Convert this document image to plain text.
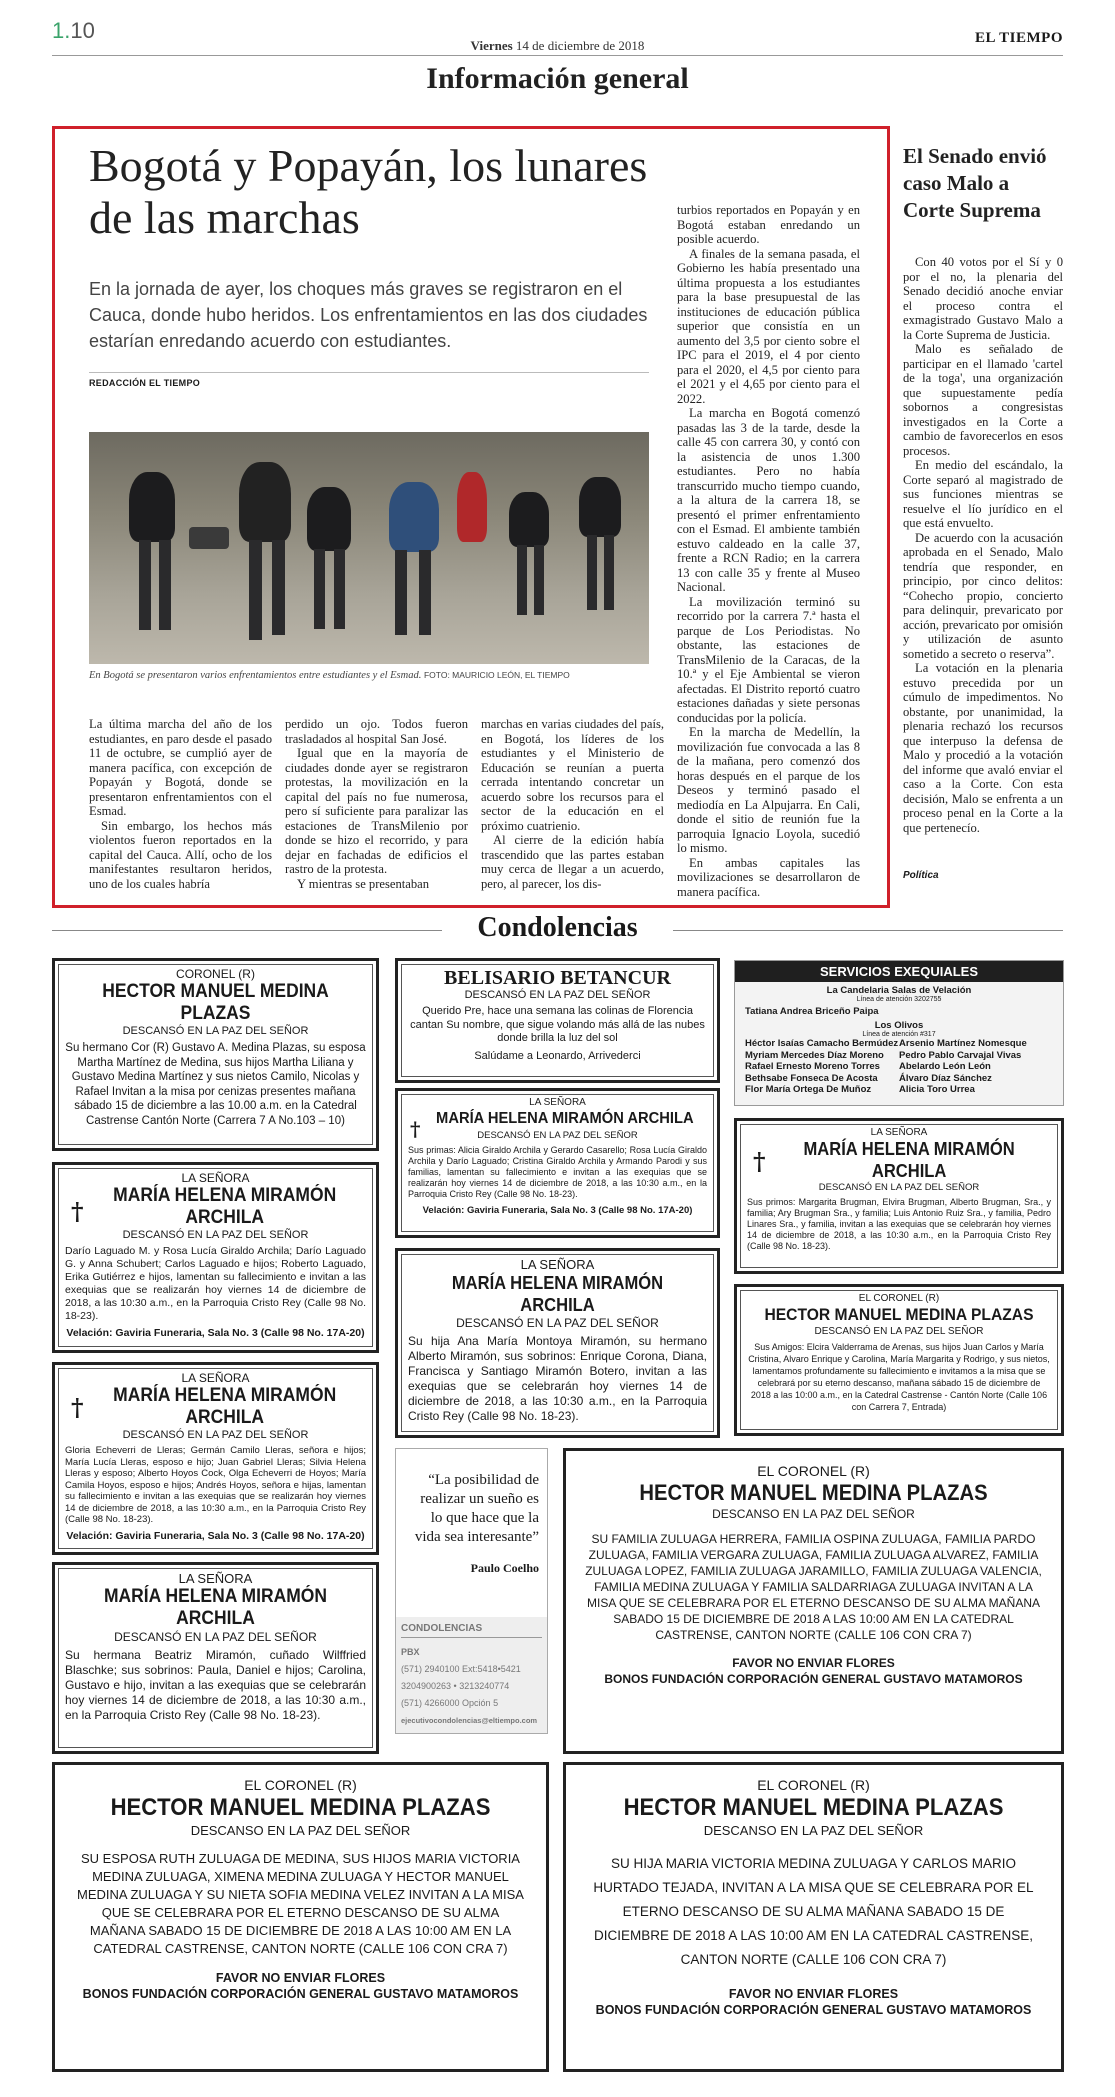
1.10
Viernes 14 de diciembre de 2018	EL TIEMPO
Información general
Bogotá y Popayán, los lunares de las marchas
En la jornada de ayer, los choques más graves se registraron en el Cauca, donde hubo heridos. Los enfrentamientos en las dos ciudades estarían enredando acuerdo con estudiantes.
REDACCIÓN EL TIEMPO
En Bogotá se presentaron varios enfrentamientos entre estudiantes y el Esmad. FOTO: MAURICIO LEÓN, EL TIEMPO

La última marcha del año de los estudiantes, en paro desde el pasado 11 de octubre, se cumplió ayer de manera pacífica, con excepción de Popayán y Bogotá, donde se presentaron enfrentamientos con el Esmad.

Sin embargo, los hechos más violentos fueron reportados en la capital del Cauca. Allí, ocho de los manifestantes resultaron heridos, uno de los cuales habría

perdido un ojo. Todos fueron trasladados al hospital San José.

Igual que en la mayoría de ciudades donde ayer se registraron protestas, la movilización en la capital del país no fue numerosa, pero sí suficiente para paralizar las estaciones de TransMilenio por donde se hizo el recorrido, y para dejar en fachadas de edificios el rastro de la protesta.

Y mientras se presentaban

marchas en varias ciudades del país, en Bogotá, los líderes de los estudiantes y el Ministerio de Educación se reunían a puerta cerrada intentando concretar un acuerdo sobre los recursos para el sector de la educación en el próximo cuatrienio.

Al cierre de la edición había trascendido que las partes estaban muy cerca de llegar a un acuerdo, pero, al parecer, los dis-

turbios reportados en Popayán y en Bogotá estaban enredando un posible acuerdo.

A finales de la semana pasada, el Gobierno les había presentado una última propuesta a los estudiantes para la base presupuestal de las instituciones de educación pública superior que consistía en un aumento del 3,5 por ciento sobre el IPC para el 2019, el 4 por ciento para el 2020, el 4,5 por ciento para el 2021 y el 4,65 por ciento para el 2022.

La marcha en Bogotá comenzó pasadas las 3 de la tarde, desde la calle 45 con carrera 30, y contó con la asistencia de unos 1.300 estudiantes. Pero no había transcurrido mucho tiempo cuando, a la altura de la carrera 18, se presentó el primer enfrentamiento con el Esmad. El ambiente también estuvo caldeado en la calle 37, frente a RCN Radio; en la carrera 13 con calle 35 y frente al Museo Nacional.

La movilización terminó su recorrido por la carrera 7.ª hasta el parque de Los Periodistas. No obstante, las estaciones de TransMilenio de la Caracas, de la 10.ª y el Eje Ambiental se vieron afectadas. El Distrito reportó cuatro estaciones dañadas y siete personas conducidas por la policía.

En la marcha de Medellín, la movilización fue convocada a las 8 de la mañana, pero comenzó dos horas después en el parque de los Deseos y terminó pasado el mediodía en La Alpujarra. En Cali, donde el sitio de reunión fue la parroquia Ignacio Loyola, sucedió lo mismo.

En ambas capitales las movilizaciones se desarrollaron de manera pacífica.

El Senado envió caso Malo a Corte Suprema

Con 40 votos por el Sí y 0 por el no, la plenaria del Senado decidió anoche enviar el proceso contra el exmagistrado Gustavo Malo a la Corte Suprema de Justicia.

Malo es señalado de participar en el llamado 'cartel de la toga', una organización que supuestamente pedía sobornos a congresistas investigados en la Corte a cambio de favorecerlos en esos procesos.

En medio del escándalo, la Corte separó al magistrado de sus funciones mientras se resuelve el lío jurídico en el que está envuelto.

De acuerdo con la acusación aprobada en el Senado, Malo tendría que responder, en principio, por cinco delitos: “Cohecho propio, concierto para delinquir, prevaricato por acción, prevaricato por omisión y utilización de asunto sometido a secreto o reserva”.

La votación en la plenaria estuvo precedida por un cúmulo de impedimentos. No obstante, por unanimidad, la plenaria rechazó los recursos que interpuso la defensa de Malo y procedió a la votación del informe que avaló enviar el caso a la Corte. Con esta decisión, Malo se enfrenta a un proceso penal en la Corte a la que pertenecío.

Política
Condolencias
CORONEL (R)
HECTOR MANUEL MEDINA PLAZAS
DESCANSÓ EN LA PAZ DEL SEÑOR
Su hermano Cor (R) Gustavo A. Medina Plazas, su esposa Martha Martínez de Medina, sus hijos Martha Liliana y Gustavo Medina Martínez y sus nietos Camilo, Nicolas y Rafael Invitan a la misa por cenizas presentes mañana sábado 15 de diciembre a las 10.00 a.m. en la Catedral Castrense Cantón Norte (Carrera 7 A No.103 – 10)
†
LA SEÑORA
MARÍA HELENA MIRAMÓN ARCHILA
DESCANSÓ EN LA PAZ DEL SEÑOR
Darío Laguado M. y Rosa Lucía Giraldo Archila; Darío Laguado G. y Anna Schubert; Carlos Laguado e hijos; Roberto Laguado, Erika Gutiérrez e hijos, lamentan su fallecimiento e invitan a las exequias que se realizarán hoy viernes 14 de diciembre de 2018, a las 10:30 a.m., en la Parroquia Cristo Rey (Calle 98 No. 18-23).
Velación: Gaviria Funeraria, Sala No. 3 (Calle 98 No. 17A-20)
†
LA SEÑORA
MARÍA HELENA MIRAMÓN ARCHILA
DESCANSÓ EN LA PAZ DEL SEÑOR
Gloria Echeverri de Lleras; Germán Camilo Lleras, señora e hijos; María Lucía Lleras, esposo e hijo; Juan Gabriel Lleras; Silvia Helena Lleras y esposo; Alberto Hoyos Cock, Olga Echeverri de Hoyos; María Camila Hoyos, esposo e hijos; Andrés Hoyos, señora e hijas, lamentan su fallecimiento e invitan a las exequias que se realizarán hoy viernes 14 de diciembre de 2018, a las 10:30 a.m., en la Parroquia Cristo Rey (Calle 98 No. 18-23).
Velación: Gaviria Funeraria, Sala No. 3 (Calle 98 No. 17A-20)
LA SEÑORA
MARÍA HELENA MIRAMÓN ARCHILA
DESCANSÓ EN LA PAZ DEL SEÑOR
Su hermana Beatriz Miramón, cuñado Wilffried Blaschke; sus sobrinos: Paula, Daniel e hijos; Carolina, Gustavo e hijo, invitan a las exequias que se celebrarán hoy viernes 14 de diciembre de 2018, a las 10:30 a.m., en la Parroquia Cristo Rey (Calle 98 No. 18-23).
BELISARIO BETANCUR
DESCANSÓ EN LA PAZ DEL SEÑOR
Querido Pre, hace una semana las colinas de Florencia cantan Su nombre, que sigue volando más allá de las nubes donde brilla la luz del sol
Salúdame a Leonardo, Arrivederci
†
LA SEÑORA
MARÍA HELENA MIRAMÓN ARCHILA
DESCANSÓ EN LA PAZ DEL SEÑOR
Sus primas: Alicia Giraldo Archila y Gerardo Casarello; Rosa Lucía Giraldo Archila y Darío Laguado; Cristina Giraldo Archila y Armando Parodi y sus familias, lamentan su fallecimiento e invitan a las exequias que se realizarán hoy viernes 14 de diciembre de 2018, a las 10:30 a.m., en la Parroquia Cristo Rey (Calle 98 No. 18-23).
Velación: Gaviria Funeraria, Sala No. 3 (Calle 98 No. 17A-20)
LA SEÑORA
MARÍA HELENA MIRAMÓN ARCHILA
DESCANSÓ EN LA PAZ DEL SEÑOR
Su hija Ana María Montoya Miramón, su hermano Alberto Miramón, sus sobrinos: Enrique Corona, Diana, Francisca y Santiago Miramón Botero, invitan a las exequias que se celebrarán hoy viernes 14 de diciembre de 2018, a las 10:30 a.m., en la Parroquia Cristo Rey (Calle 98 No. 18-23).
“La posibilidad de realizar un sueño es lo que hace que la vida sea interesante”
Paulo Coelho
CONDOLENCIAS
PBX
(571) 2940100 Ext:5418•5421
3204900263 • 3213240774
(571) 4266000 Opción 5
ejecutivocondolencias@eltiempo.com
SERVICIOS EXEQUIALES
La Candelaria Salas de Velación
Línea de atención 3202755
Tatiana Andrea Briceño Paipa
Los Olivos
Línea de atención #317
Héctor Isaías Camacho Bermúdez
Myriam Mercedes Díaz Moreno
Rafael Ernesto Moreno Torres
Bethsabe Fonseca De Acosta
Flor María Ortega De Muñoz
Arsenio Martínez Nomesque
Pedro Pablo Carvajal Vivas
Abelardo León León
Álvaro Díaz Sánchez
Alicia Toro Urrea
†
LA SEÑORA
MARÍA HELENA MIRAMÓN ARCHILA
DESCANSÓ EN LA PAZ DEL SEÑOR
Sus primos: Margarita Brugman, Elvira Brugman, Alberto Brugman, Sra., y familia; Ary Brugman Sra., y familia; Luis Antonio Ruiz Sra., y familia, Pedro Linares Sra., y familia, invitan a las exequias que se celebrarán hoy viernes 14 de diciembre de 2018, a las 10:30 a.m., en la Parroquia Cristo Rey (Calle 98 No. 18-23).
EL CORONEL (R)
HECTOR MANUEL MEDINA PLAZAS
DESCANSÓ EN LA PAZ DEL SEÑOR
Sus Amigos: Elcira Valderrama de Arenas, sus hijos Juan Carlos y María Cristina, Alvaro Enrique y Carolina, María Margarita y Rodrigo, y sus nietos, lamentamos profundamente su fallecimiento e invitamos a la misa que se celebrará por su eterno descanso, mañana sábado 15 de diciembre de 2018 a las 10:00 a.m., en la Catedral Castrense - Cantón Norte (Calle 106 con Carrera 7, Entrada)
EL CORONEL (R)
HECTOR MANUEL MEDINA PLAZAS
DESCANSO EN LA PAZ DEL SEÑOR
SU FAMILIA ZULUAGA HERRERA, FAMILIA OSPINA ZULUAGA, FAMILIA PARDO ZULUAGA, FAMILIA VERGARA ZULUAGA, FAMILIA ZULUAGA ALVAREZ, FAMILIA ZULUAGA LOPEZ, FAMILIA ZULUAGA JARAMILLO, FAMILIA ZULUAGA VALENCIA, FAMILIA MEDINA ZULUAGA Y FAMILIA SALDARRIAGA ZULUAGA INVITAN A LA MISA QUE SE CELEBRARA POR EL ETERNO DESCANSO DE SU ALMA MAÑANA SABADO 15 DE DICIEMBRE DE 2018 A LAS 10:00 AM EN LA CATEDRAL CASTRENSE, CANTON NORTE (CALLE 106 CON CRA 7)
FAVOR NO ENVIAR FLORES
BONOS FUNDACIÓN CORPORACIÓN GENERAL GUSTAVO MATAMOROS
EL CORONEL (R)
HECTOR MANUEL MEDINA PLAZAS
DESCANSO EN LA PAZ DEL SEÑOR
SU ESPOSA RUTH ZULUAGA DE MEDINA, SUS HIJOS MARIA VICTORIA MEDINA ZULUAGA, XIMENA MEDINA ZULUAGA Y HECTOR MANUEL MEDINA ZULUAGA Y SU NIETA SOFIA MEDINA VELEZ INVITAN A LA MISA QUE SE CELEBRARA POR EL ETERNO DESCANSO DE SU ALMA MAÑANA SABADO 15 DE DICIEMBRE DE 2018 A LAS 10:00 AM EN LA CATEDRAL CASTRENSE, CANTON NORTE (CALLE 106 CON CRA 7)
FAVOR NO ENVIAR FLORES
BONOS FUNDACIÓN CORPORACIÓN GENERAL GUSTAVO MATAMOROS
EL CORONEL (R)
HECTOR MANUEL MEDINA PLAZAS
DESCANSO EN LA PAZ DEL SEÑOR
SU HIJA MARIA VICTORIA MEDINA ZULUAGA Y CARLOS MARIO HURTADO TEJADA, INVITAN A LA MISA QUE SE CELEBRARA POR EL ETERNO DESCANSO DE SU ALMA MAÑANA SABADO 15 DE DICIEMBRE DE 2018 A LAS 10:00 AM EN LA CATEDRAL CASTRENSE, CANTON NORTE (CALLE 106 CON CRA 7)
FAVOR NO ENVIAR FLORES
BONOS FUNDACIÓN CORPORACIÓN GENERAL GUSTAVO MATAMOROS
